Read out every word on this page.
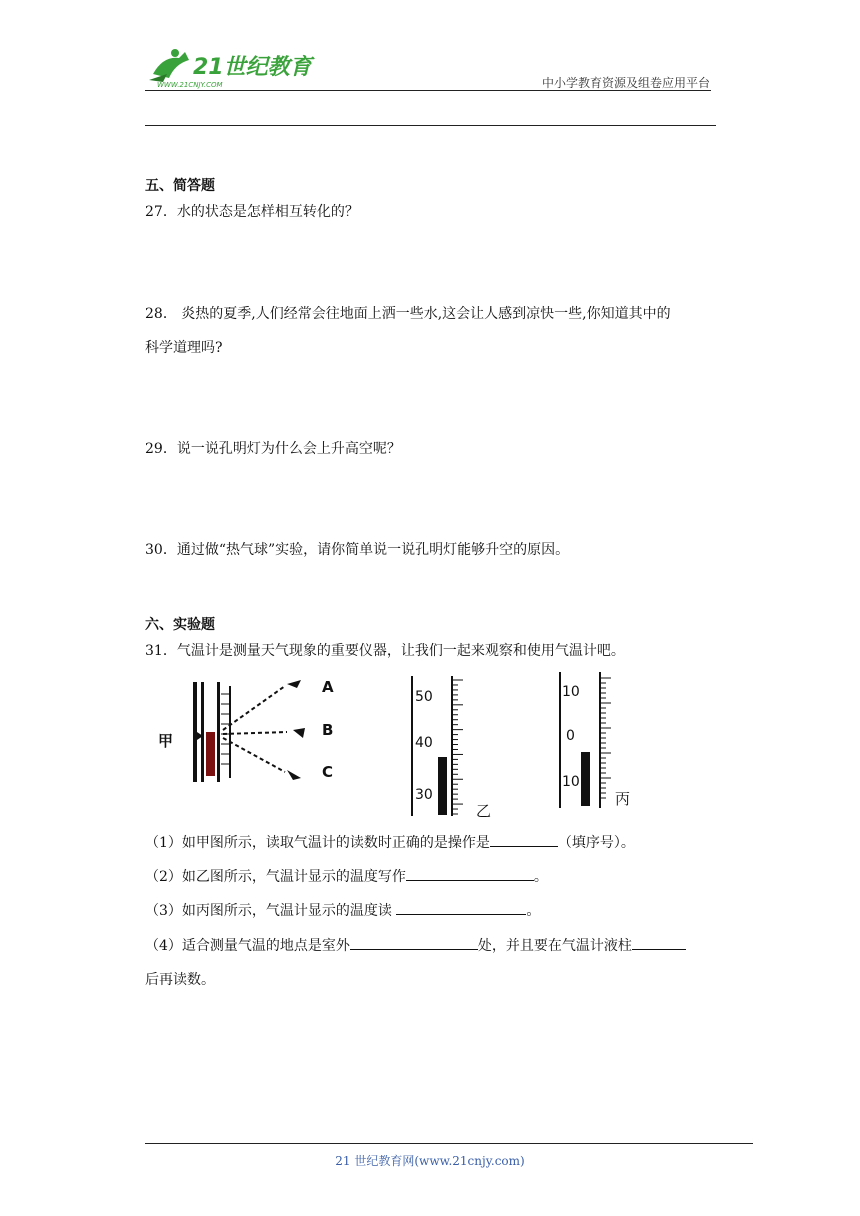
21世纪教育
WWW.21CNJY.COM	中小学教育资源及组卷应用平台
五、简答题
27．水的状态是怎样相互转化的？
28． 炎热的夏季,人们经常会往地面上洒一些水,这会让人感到凉快一些,你知道其中的
科学道理吗?
29．说一说孔明灯为什么会上升高空呢？
30．通过做“热气球”实验，请你简单说一说孔明灯能够升空的原因。
六、实验题
31．气温计是测量天气现象的重要仪器，让我们一起来观察和使用气温计吧。
甲
A
B
C
50
40
30
乙
10
0
10
丙
（1）如甲图所示，读取气温计的读数时正确的是操作是	（填序号）。
（2）如乙图所示，气温计显示的温度写作	。
（3）如丙图所示，气温计显示的温度读	。
（4）适合测量气温的地点是室外	处，并且要在气温计液柱
后再读数。
21 世纪教育网(www.21cnjy.com)
